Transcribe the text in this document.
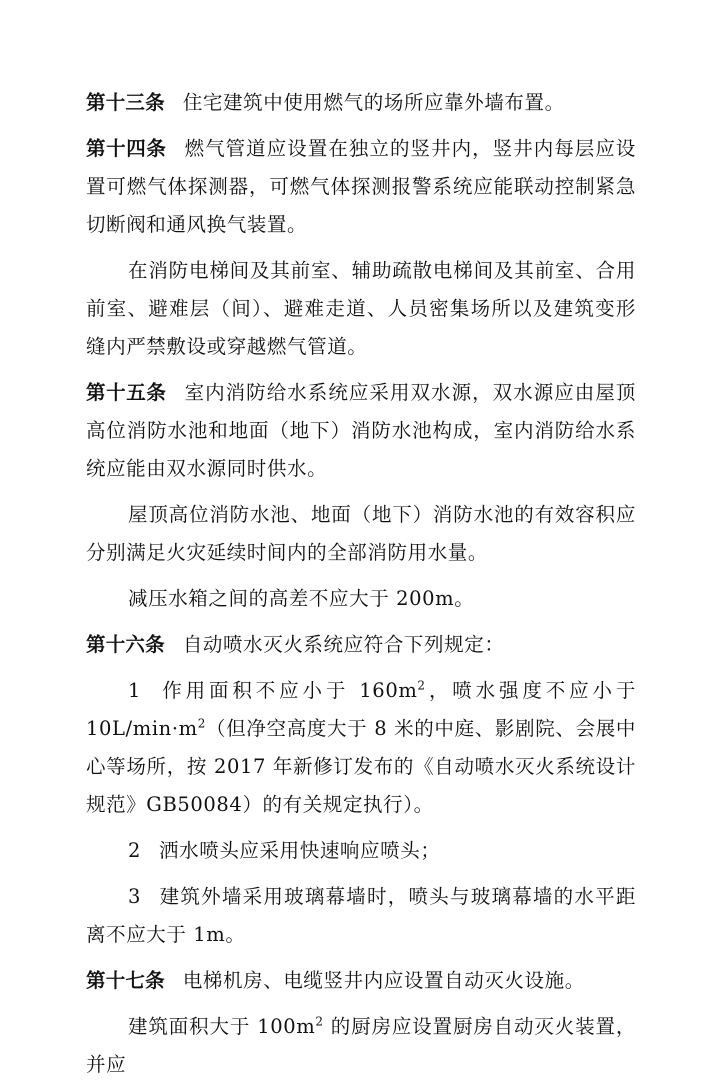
第十三条 住宅建筑中使用燃气的场所应靠外墙布置。

第十四条 燃气管道应设置在独立的竖井内，竖井内每层应设置可燃气体探测器，可燃气体探测报警系统应能联动控制紧急切断阀和通风换气装置。

在消防电梯间及其前室、辅助疏散电梯间及其前室、合用前室、避难层（间）、避难走道、人员密集场所以及建筑变形缝内严禁敷设或穿越燃气管道。

第十五条 室内消防给水系统应采用双水源，双水源应由屋顶高位消防水池和地面（地下）消防水池构成，室内消防给水系统应能由双水源同时供水。

屋顶高位消防水池、地面（地下）消防水池的有效容积应分别满足火灾延续时间内的全部消防用水量。

减压水箱之间的高差不应大于 200m。

第十六条 自动喷水灭火系统应符合下列规定：

1 作用面积不应小于 $160m^2$，喷水强度不应小于 $10L/\min\cdot m^2$（但净空高度大于 8 米的中庭、影剧院、会展中心等场所，按 2017 年新修订发布的《自动喷水灭火系统设计规范》GB50084）的有关规定执行）。

2 洒水喷头应采用快速响应喷头；

3 建筑外墙采用玻璃幕墙时，喷头与玻璃幕墙的水平距离不应大于 1m。

第十七条 电梯机房、电缆竖井内应设置自动灭火设施。

建筑面积大于 $100m^2$ 的厨房应设置厨房自动灭火装置，并应
